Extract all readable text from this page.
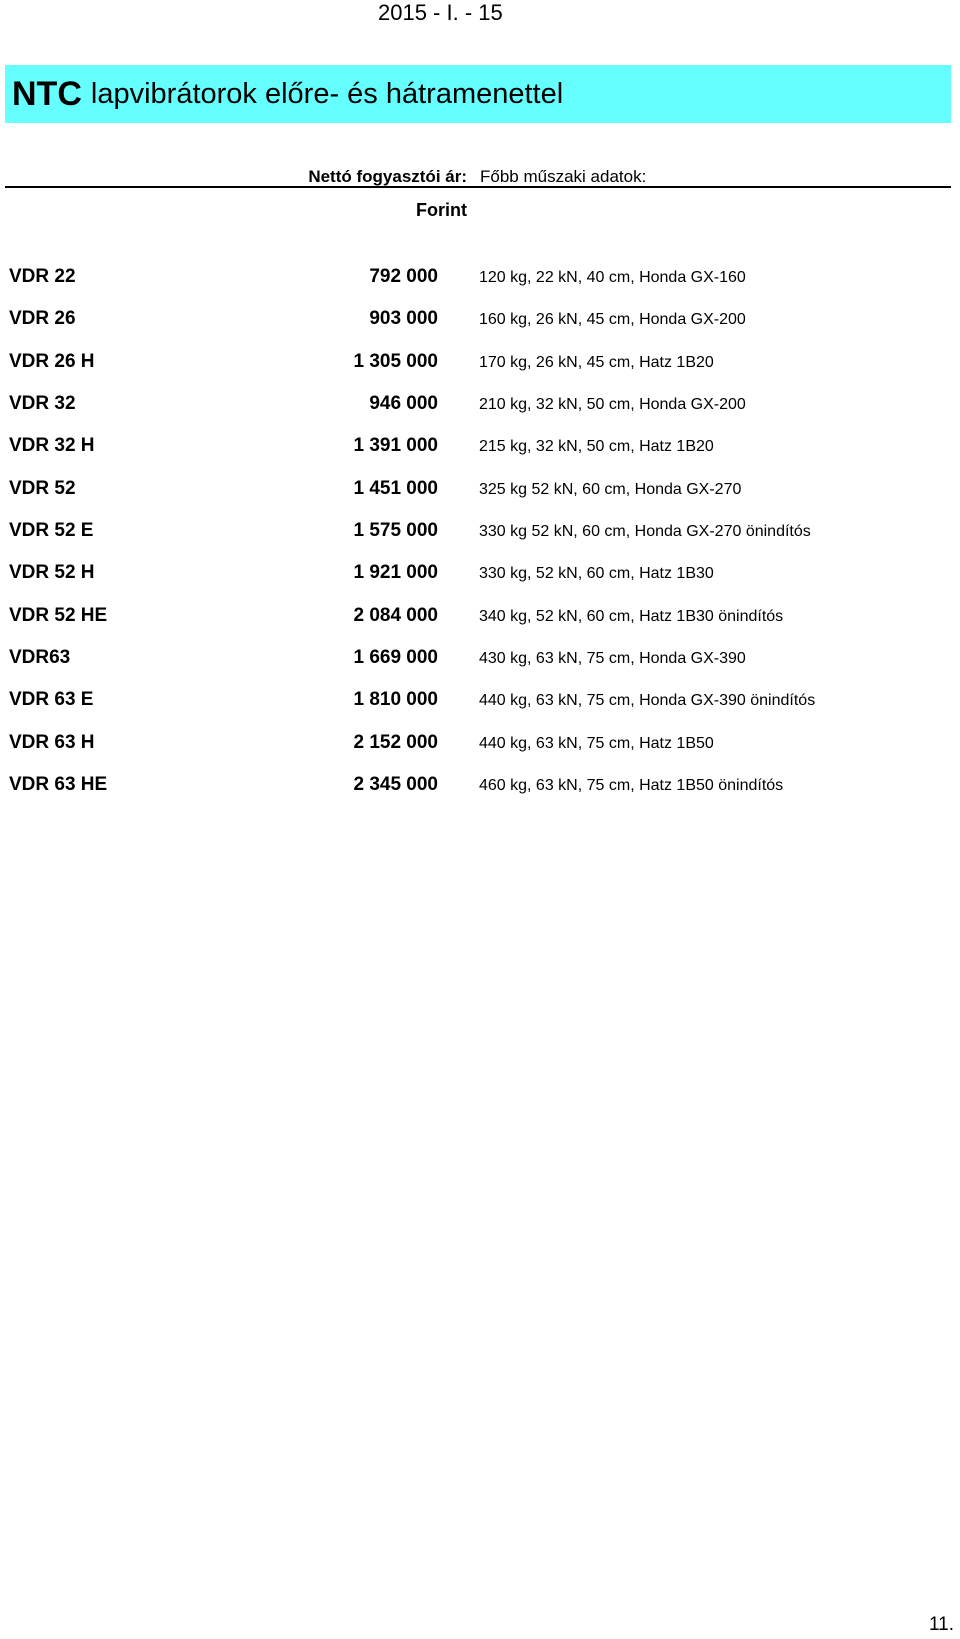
2015 - I. - 15
NTC lapvibrátorok előre- és hátramenettel
Nettó fogyasztói ár: Főbb műszaki adatok:
Forint
VDR 22	792 000	120 kg, 22 kN, 40 cm, Honda GX-160
VDR 26	903 000	160 kg, 26 kN, 45 cm, Honda GX-200
VDR 26 H	1 305 000	170 kg, 26 kN, 45 cm, Hatz 1B20
VDR 32	946 000	210 kg, 32 kN, 50 cm, Honda GX-200
VDR 32 H	1 391 000	215 kg, 32 kN, 50 cm, Hatz 1B20
VDR 52	1 451 000	325 kg 52 kN, 60 cm, Honda GX-270
VDR 52 E	1 575 000	330 kg 52 kN, 60 cm, Honda GX-270 önindítós
VDR 52 H	1 921 000	330 kg, 52 kN, 60 cm, Hatz 1B30
VDR 52 HE	2 084 000	340 kg, 52 kN, 60 cm, Hatz 1B30 önindítós
VDR63	1 669 000	430 kg, 63 kN, 75 cm, Honda GX-390
VDR 63 E	1 810 000	440 kg, 63 kN, 75 cm, Honda GX-390 önindítós
VDR 63 H	2 152 000	440 kg, 63 kN, 75 cm, Hatz 1B50
VDR 63 HE	2 345 000	460 kg, 63 kN, 75 cm, Hatz 1B50 önindítós
11.
